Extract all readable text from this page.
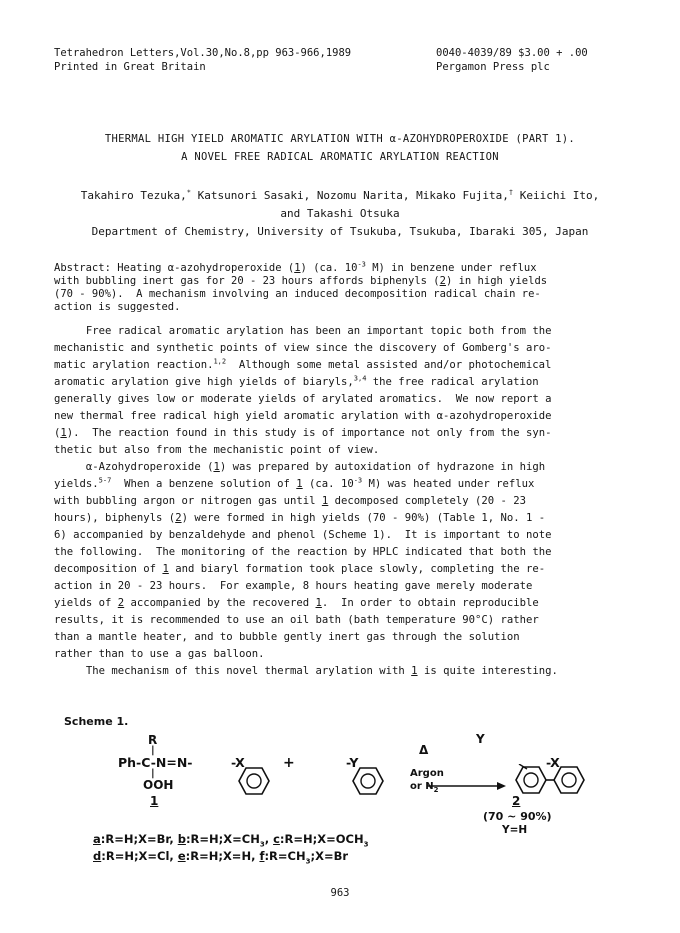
Tetrahedron Letters,Vol.30,No.8,pp 963-966,1989
Printed in Great Britain
0040-4039/89 $3.00 + .00
Pergamon Press plc
THERMAL HIGH YIELD AROMATIC ARYLATION WITH α-AZOHYDROPEROXIDE (PART 1).
A NOVEL FREE RADICAL AROMATIC ARYLATION REACTION
Takahiro Tezuka,* Katsunori Sasaki, Nozomu Narita, Mikako Fujita,† Keiichi Ito,
and Takashi Otsuka
Department of Chemistry, University of Tsukuba, Tsukuba, Ibaraki 305, Japan
Abstract: Heating α-azohydroperoxide (1) (ca. $10^{-3}$ M) in benzene under reflux
with bubbling inert gas for 20 - 23 hours affords biphenyls (2) in high yields
(70 - 90%).  A mechanism involving an induced decomposition radical chain re-
action is suggested.
Free radical aromatic arylation has been an important topic both from the
mechanistic and synthetic points of view since the discovery of Gomberg's aro-
matic arylation reaction.$^{1,2}$  Although some metal assisted and/or photochemical
aromatic arylation give high yields of biaryls,$^{3,4}$ the free radical arylation
generally gives low or moderate yields of arylated aromatics.  We now report a
new thermal free radical high yield aromatic arylation with α-azohydroperoxide
(1).  The reaction found in this study is of importance not only from the syn-
thetic but also from the mechanistic point of view.
α-Azohydroperoxide (1) was prepared by autoxidation of hydrazone in high
yields.$^{5-7}$  When a benzene solution of 1 (ca. $10^{-3}$ M) was heated under reflux
with bubbling argon or nitrogen gas until 1 decomposed completely (20 - 23
hours), biphenyls (2) were formed in high yields (70 - 90%) (Table 1, No. 1 -
6) accompanied by benzaldehyde and phenol (Scheme 1).  It is important to note
the following.  The monitoring of the reaction by HPLC indicated that both the
decomposition of 1 and biaryl formation took place slowly, completing the re-
action in 20 - 23 hours.  For example, 8 hours heating gave merely moderate
yields of 2 accompanied by the recovered 1.  In order to obtain reproducible
results, it is recommended to use an oil bath (bath temperature 90°C) rather
than a mantle heater, and to bubble gently inert gas through the solution
rather than to use a gas balloon.
The mechanism of this novel thermal arylation with 1 is quite interesting.
Scheme 1.
R
|
Ph-C-N=N-

	-X
|
OOH
1
+

	-Y
Δ

Argon
or $N_2$
Y

-X
2
(70 ~ 90%)
Y=H
a:R=H;X=Br, $b:R=H;X=CH_3$, $c:R=H;X=OCH_3$
d:R=H;X=Cl, e:R=H;X=H, $f:R=CH_3;X=Br$
963
